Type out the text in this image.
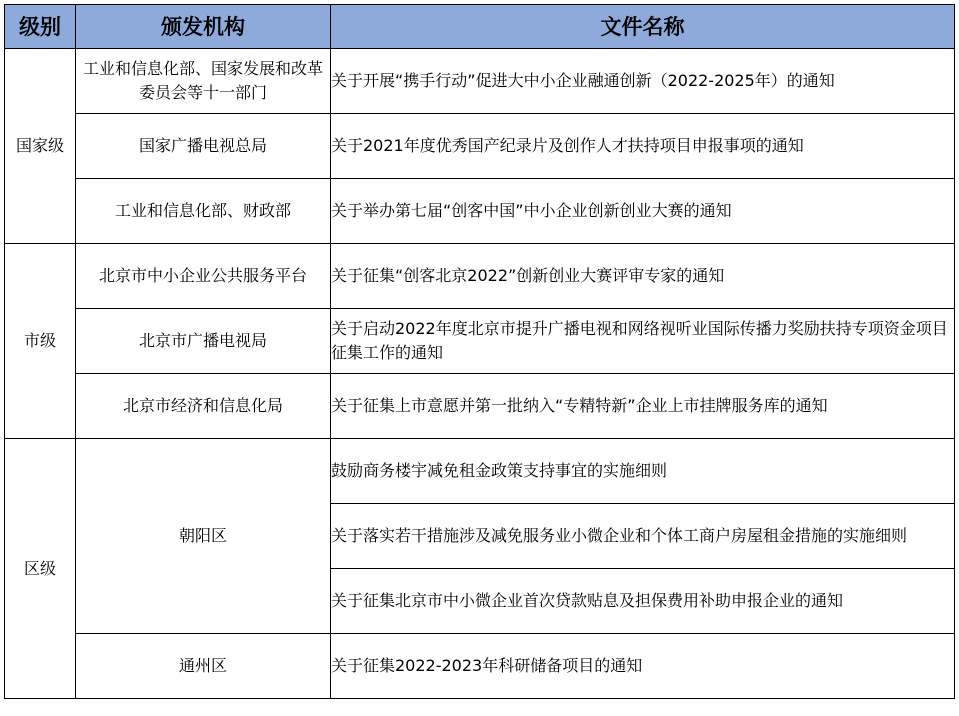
级别	颁发机构	文件名称
国家级	工业和信息化部、国家发展和改革委员会等十一部门	关于开展“携手行动”促进大中小企业融通创新（2022-2025年）的通知
	国家广播电视总局	关于2021年度优秀国产纪录片及创作人才扶持项目申报事项的通知
	工业和信息化部、财政部	关于举办第七届“创客中国”中小企业创新创业大赛的通知
市级	北京市中小企业公共服务平台	关于征集“创客北京2022”创新创业大赛评审专家的通知
	北京市广播电视局	关于启动2022年度北京市提升广播电视和网络视听业国际传播力奖励扶持专项资金项目征集工作的通知
	北京市经济和信息化局	关于征集上市意愿并第一批纳入“专精特新”企业上市挂牌服务库的通知
区级	朝阳区	鼓励商务楼宇减免租金政策支持事宜的实施细则
		关于落实若干措施涉及减免服务业小微企业和个体工商户房屋租金措施的实施细则
		关于征集北京市中小微企业首次贷款贴息及担保费用补助申报企业的通知
	通州区	关于征集2022-2023年科研储备项目的通知
